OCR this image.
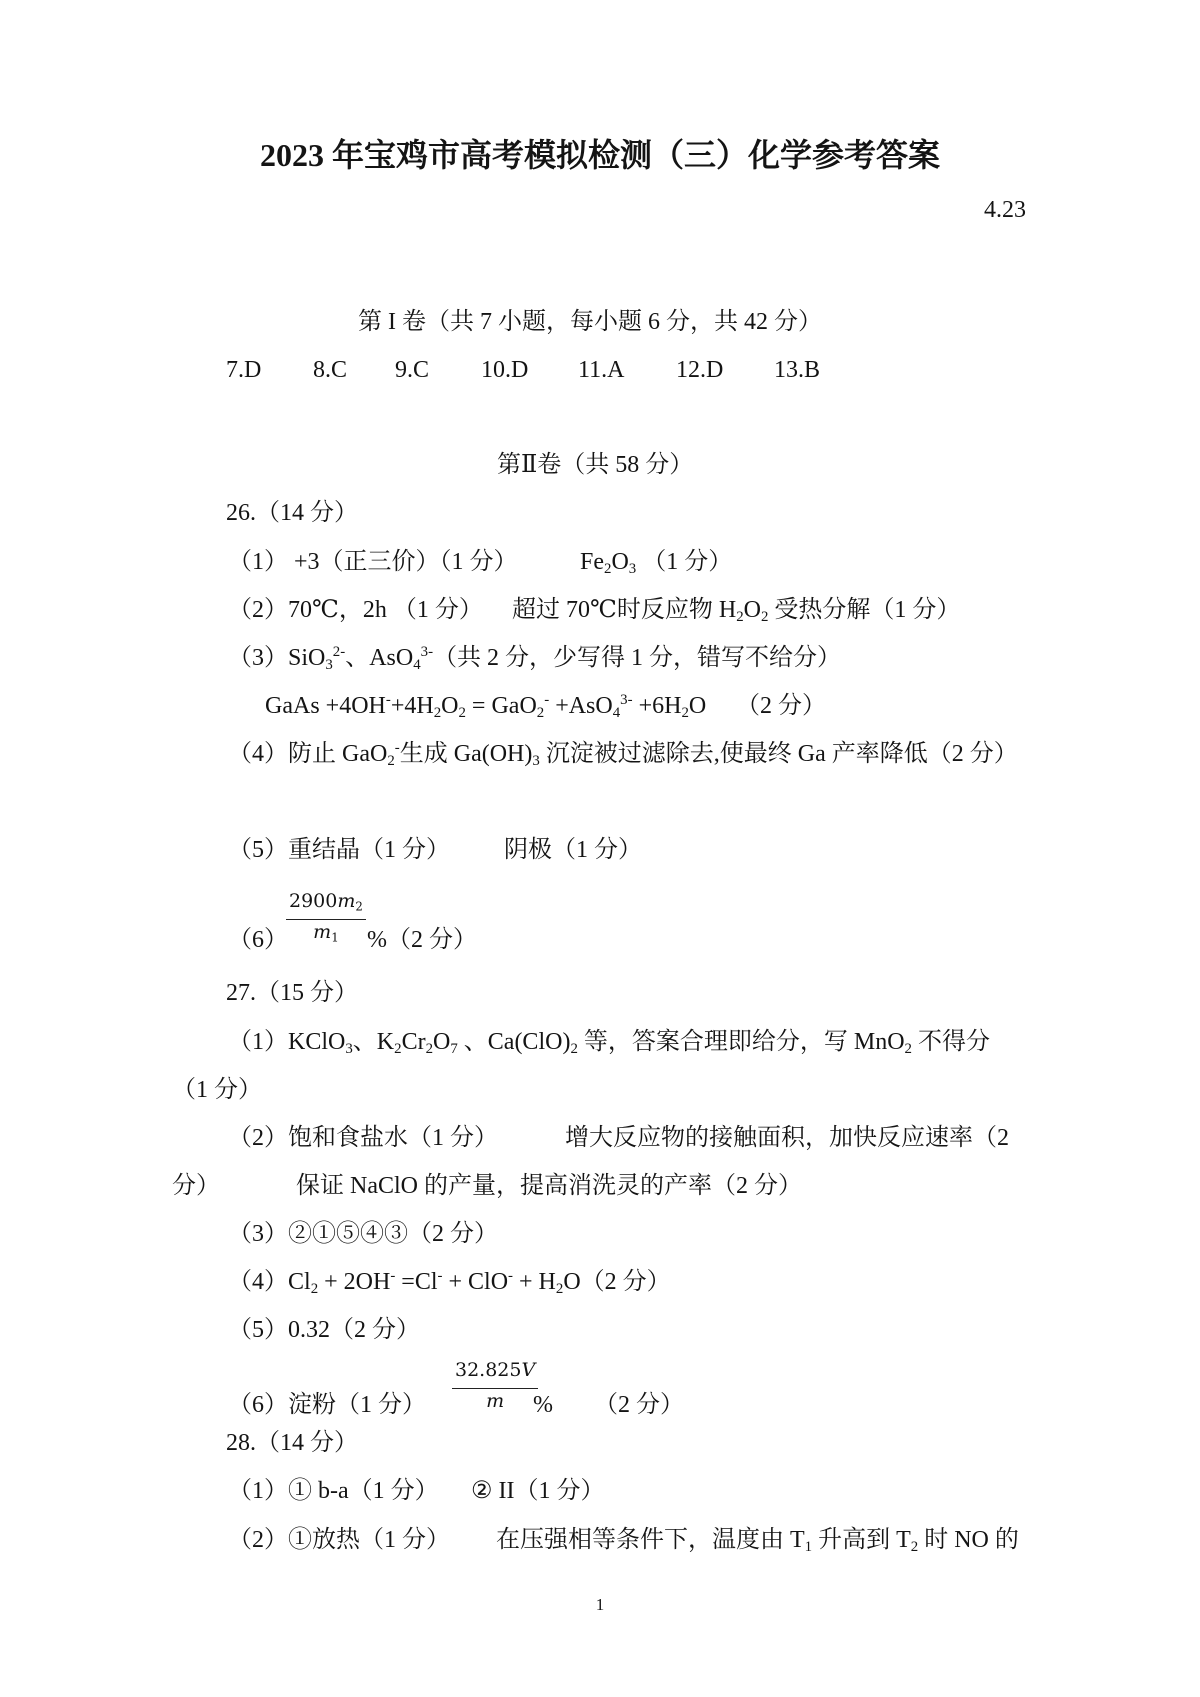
2023 年宝鸡市高考模拟检测（三）化学参考答案
4.23
第 I 卷（共 7 小题，每小题 6 分，共 42 分）
7.D 8.C 9.C 10.D 11.A 12.D 13.B
第Ⅱ卷（共 58 分）
26.（14 分）
（1） +3（正三价）（1 分）	$Fe_2O_3$ （1 分）
（2）70℃，2h （1 分） 超过 70℃时反应物 $H_2O_2$ 受热分解（1 分）
（3）SiO$_3^{2-}$、AsO$_4^{3-}$（共 2 分，少写得 1 分，错写不给分）
GaAs $+4OH^-+4H_2O_2 = GaO_2^- +AsO_4^{3-} +6H_2O$ （2 分）
（4）防止 GaO$_2$-生成 $Ga(OH)_3$ 沉淀被过滤除去,使最终 Ga 产率降低（2 分）
（5）重结晶（1 分） 阴极（1 分）
$\frac{2900m_2}{m_1}$
（6）	%（2 分）
27.（15 分）
（1）KClO$_3$、$K_2Cr_2O_7$ 、$Ca(ClO)_2$ 等，答案合理即给分，写 MnO$_2$ 不得分
（1 分）
（2）饱和食盐水（1 分）	增大反应物的接触面积，加快反应速率（2
分）	保证 NaClO 的产量，提高消洗灵的产率（2 分）
（3）②①⑤④③（2 分）
$(4)Cl_2 + 2OH^- =Cl^- + ClO^- + H_2O(2$ 分）
（5）0.32（2 分）
$\frac{32.825V}{m}$
（6）淀粉（1 分）	% （2 分）
28.（14 分）
（1）① b-a（1 分） ② II（1 分）
（2）①放热（1 分） 在压强相等条件下，温度由 $T_1$ 升高到 $T_2$ 时 NO 的
1
